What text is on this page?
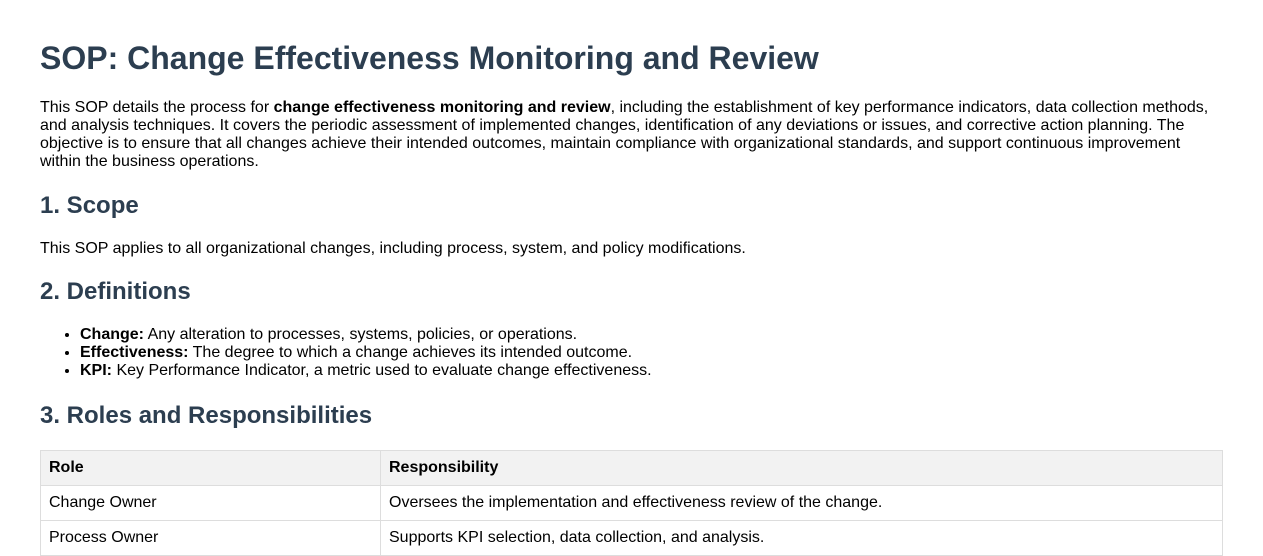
SOP: Change Effectiveness Monitoring and Review

This SOP details the process for change effectiveness monitoring and review, including the establishment of key performance indicators, data collection methods, and analysis techniques. It covers the periodic assessment of implemented changes, identification of any deviations or issues, and corrective action planning. The objective is to ensure that all changes achieve their intended outcomes, maintain compliance with organizational standards, and support continuous improvement within the business operations.

1. Scope

This SOP applies to all organizational changes, including process, system, and policy modifications.

2. Definitions
• Change: Any alteration to processes, systems, policies, or operations.
• Effectiveness: The degree to which a change achieves its intended outcome.
• KPI: Key Performance Indicator, a metric used to evaluate change effectiveness.
3. Roles and Responsibilities
Role	Responsibility
Change Owner	Oversees the implementation and effectiveness review of the change.
Process Owner	Supports KPI selection, data collection, and analysis.
